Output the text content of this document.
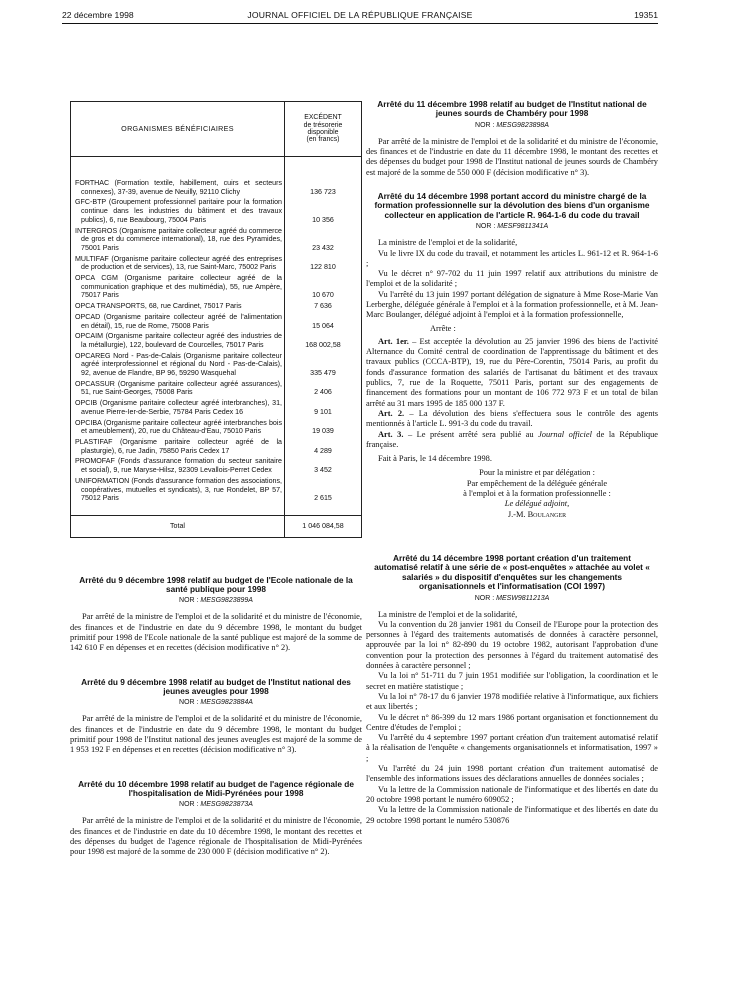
22 décembre 1998	JOURNAL OFFICIEL DE LA RÉPUBLIQUE FRANÇAISE	19351
ORGANISMES BÉNÉFICIAIRES	EXCÉDENT
de trésorerie
disponible
(en francs)

FORTHAC (Formation textile, habillement, cuirs et secteurs connexes), 37-39, avenue de Neuilly, 92110 Clichy	136 723

GFC-BTP (Groupement professionnel paritaire pour la formation continue dans les industries du bâtiment et des travaux publics), 6, rue Beaubourg, 75004 Paris	10 356

INTERGROS (Organisme paritaire collecteur agréé du commerce de gros et du commerce international), 18, rue des Pyramides, 75001 Paris	23 432

MULTIFAF (Organisme paritaire collecteur agréé des entreprises de production et de services), 13, rue Saint-Marc, 75002 Paris	122 810

OPCA CGM (Organisme paritaire collecteur agréé de la communication graphique et des multimédia), 55, rue Ampère, 75017 Paris	10 670

OPCA TRANSPORTS, 68, rue Cardinet, 75017 Paris	7 636

OPCAD (Organisme paritaire collecteur agréé de l'alimentation en détail), 15, rue de Rome, 75008 Paris	15 064

OPCAIM (Organisme paritaire collecteur agréé des industries de la métallurgie), 122, boulevard de Courcelles, 75017 Paris	168 002,58

OPCAREG Nord - Pas-de-Calais (Organisme paritaire collecteur agréé interprofessionnel et régional du Nord - Pas-de-Calais), 92, avenue de Flandre, BP 96, 59290 Wasquehal	335 479

OPCASSUR (Organisme paritaire collecteur agréé assurances), 51, rue Saint-Georges, 75008 Paris	2 406

OPCIB (Organisme paritaire collecteur agréé interbranches), 31, avenue Pierre-Ier-de-Serbie, 75784 Paris Cedex 16	9 101

OPCIBA (Organisme paritaire collecteur agréé interbranches bois et ameublement), 20, rue du Château-d'Eau, 75010 Paris	19 039

PLASTIFAF (Organisme paritaire collecteur agréé de la plasturgie), 6, rue Jadin, 75850 Paris Cedex 17	4 289

PROMOFAF (Fonds d'assurance formation du secteur sanitaire et social), 9, rue Maryse-Hilsz, 92309 Levallois-Perret Cedex	3 452

UNIFORMATION (Fonds d'assurance formation des associations, coopératives, mutuelles et syndicats), 3, rue Rondelet, BP 57, 75012 Paris	2 615
Total	1 046 084,58
Arrêté du 9 décembre 1998 relatif au budget de l'Ecole nationale de la santé publique pour 1998
NOR : MESG9823899A

Par arrêté de la ministre de l'emploi et de la solidarité et du ministre de l'économie, des finances et de l'industrie en date du 9 décembre 1998, le montant du budget primitif pour 1998 de l'Ecole nationale de la santé publique est majoré de la somme de 142 610 F en dépenses et en recettes (décision modificative n° 2).

Arrêté du 9 décembre 1998 relatif au budget de l'Institut national des jeunes aveugles pour 1998
NOR : MESG9823884A

Par arrêté de la ministre de l'emploi et de la solidarité et du ministre de l'économie, des finances et de l'industrie en date du 9 décembre 1998, le montant du budget primitif pour 1998 de l'Institut national des jeunes aveugles est majoré de la somme de 1 953 192 F en dépenses et en recettes (décision modificative n° 3).

Arrêté du 10 décembre 1998 relatif au budget de l'agence régionale de l'hospitalisation de Midi-Pyrénées pour 1998
NOR : MESG9823873A

Par arrêté de la ministre de l'emploi et de la solidarité et du ministre de l'économie, des finances et de l'industrie en date du 10 décembre 1998, le montant des recettes et des dépenses du budget de l'agence régionale de l'hospitalisation de Midi-Pyrénées pour 1998 est majoré de la somme de 230 000 F (décision modificative n° 2).

Arrêté du 11 décembre 1998 relatif au budget de l'Institut national de jeunes sourds de Chambéry pour 1998
NOR : MESG9823898A

Par arrêté de la ministre de l'emploi et de la solidarité et du ministre de l'économie, des finances et de l'industrie en date du 11 décembre 1998, le montant des recettes et des dépenses du budget pour 1998 de l'Institut national de jeunes sourds de Chambéry est majoré de la somme de 550 000 F (décision modificative n° 3).

Arrêté du 14 décembre 1998 portant accord du ministre chargé de la formation professionnelle sur la dévolution des biens d'un organisme collecteur en application de l'article R. 964-1-6 du code du travail
NOR : MESF9811341A

La ministre de l'emploi et de la solidarité,

Vu le livre IX du code du travail, et notamment les articles L. 961-12 et R. 964-1-6 ;

Vu le décret n° 97-702 du 11 juin 1997 relatif aux attributions du ministre de l'emploi et de la solidarité ;

Vu l'arrêté du 13 juin 1997 portant délégation de signature à Mme Rose-Marie Van Lerberghe, déléguée générale à l'emploi et à la formation professionnelle, et à M. Jean-Marc Boulanger, délégué adjoint à l'emploi et à la formation professionnelle,

Arrête :

Art. 1er. – Est acceptée la dévolution au 25 janvier 1996 des biens de l'activité Alternance du Comité central de coordination de l'apprentissage du bâtiment et des travaux publics (CCCA-BTP), 19, rue du Père-Corentin, 75014 Paris, au profit du fonds d'assurance formation des salariés de l'artisanat du bâtiment et des travaux publics, 7, rue de la Roquette, 75011 Paris, portant sur des engagements de financement des formations pour un montant de 106 772 973 F et un total de bilan arrêté au 31 mars 1995 de 185 000 137 F.

Art. 2. – La dévolution des biens s'effectuera sous le contrôle des agents mentionnés à l'article L. 991-3 du code du travail.

Art. 3. – Le présent arrêté sera publié au Journal officiel de la République française.

Fait à Paris, le 14 décembre 1998.

Pour la ministre et par délégation :
Par empêchement de la déléguée générale
à l'emploi et à la formation professionnelle :
Le délégué adjoint,
J.-M. Boulanger
Arrêté du 14 décembre 1998 portant création d'un traitement automatisé relatif à une série de « post-enquêtes » attachée au volet « salariés » du dispositif d'enquêtes sur les changements organisationnels et l'informatisation (COI 1997)
NOR : MESW9811213A

La ministre de l'emploi et de la solidarité,

Vu la convention du 28 janvier 1981 du Conseil de l'Europe pour la protection des personnes à l'égard des traitements automatisés de données à caractère personnel, approuvée par la loi n° 82-890 du 19 octobre 1982, autorisant l'approbation d'une convention pour la protection des personnes à l'égard du traitement automatisé des données à caractère personnel ;

Vu la loi n° 51-711 du 7 juin 1951 modifiée sur l'obligation, la coordination et le secret en matière statistique ;

Vu la loi n° 78-17 du 6 janvier 1978 modifiée relative à l'informatique, aux fichiers et aux libertés ;

Vu le décret n° 86-399 du 12 mars 1986 portant organisation et fonctionnement du Centre d'études de l'emploi ;

Vu l'arrêté du 4 septembre 1997 portant création d'un traitement automatisé relatif à la réalisation de l'enquête « changements organisationnels et informatisation, 1997 » ;

Vu l'arrêté du 24 juin 1998 portant création d'un traitement automatisé de l'ensemble des informations issues des déclarations annuelles de données sociales ;

Vu la lettre de la Commission nationale de l'informatique et des libertés en date du 20 octobre 1998 portant le numéro 609052 ;

Vu la lettre de la Commission nationale de l'informatique et des libertés en date du 29 octobre 1998 portant le numéro 530876
